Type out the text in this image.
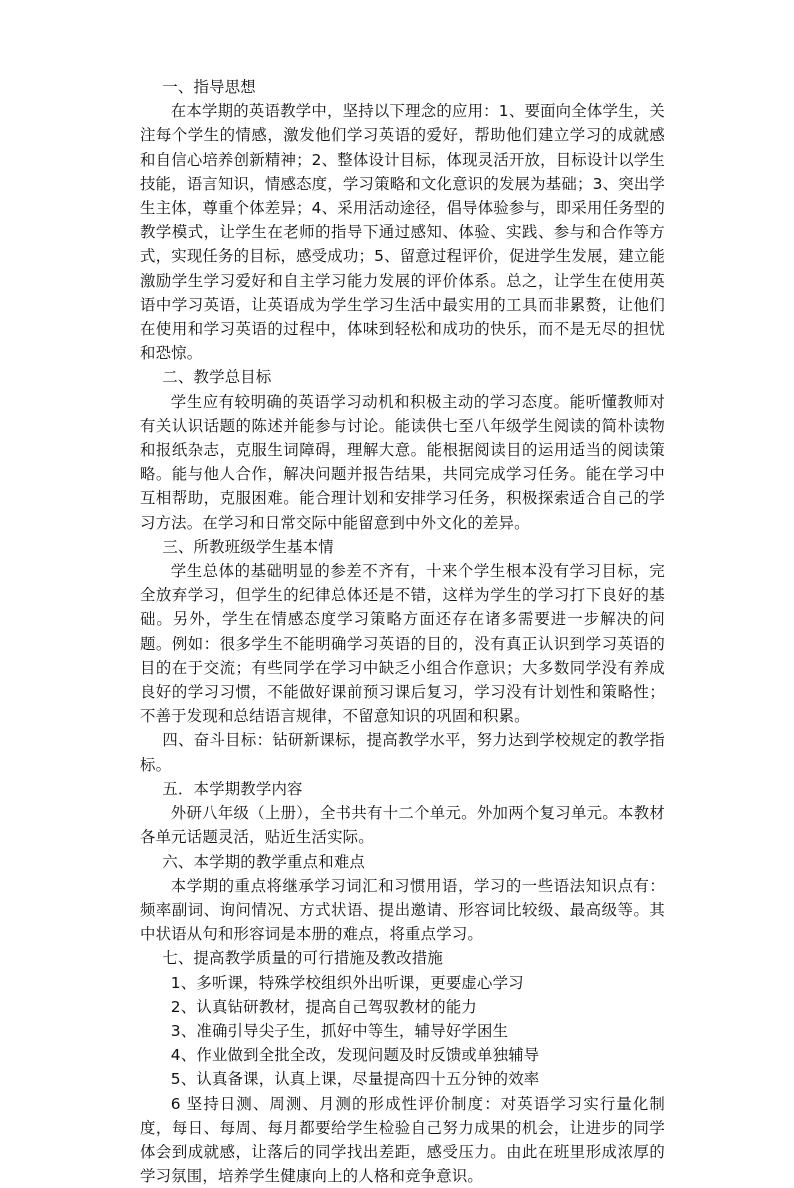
一、指导思想

在本学期的英语教学中，坚持以下理念的应用：1、要面向全体学生，关注每个学生的情感，激发他们学习英语的爱好，帮助他们建立学习的成就感和自信心培养创新精神；2、整体设计目标，体现灵活开放，目标设计以学生技能，语言知识，情感态度，学习策略和文化意识的发展为基础；3、突出学生主体，尊重个体差异；4、采用活动途径，倡导体验参与，即采用任务型的教学模式，让学生在老师的指导下通过感知、体验、实践、参与和合作等方式，实现任务的目标，感受成功；5、留意过程评价，促进学生发展，建立能激励学生学习爱好和自主学习能力发展的评价体系。总之，让学生在使用英语中学习英语，让英语成为学生学习生活中最实用的工具而非累赘，让他们在使用和学习英语的过程中，体味到轻松和成功的快乐，而不是无尽的担忧和恐惊。

二、教学总目标

学生应有较明确的英语学习动机和积极主动的学习态度。能听懂教师对有关认识话题的陈述并能参与讨论。能读供七至八年级学生阅读的简朴读物和报纸杂志，克服生词障碍，理解大意。能根据阅读目的运用适当的阅读策略。能与他人合作，解决问题并报告结果，共同完成学习任务。能在学习中互相帮助，克服困难。能合理计划和安排学习任务，积极探索适合自己的学习方法。在学习和日常交际中能留意到中外文化的差异。

三、所教班级学生基本情

学生总体的基础明显的参差不齐有，十来个学生根本没有学习目标，完全放弃学习，但学生的纪律总体还是不错，这样为学生的学习打下良好的基础。另外，学生在情感态度学习策略方面还存在诸多需要进一步解决的问题。例如：很多学生不能明确学习英语的目的，没有真正认识到学习英语的目的在于交流；有些同学在学习中缺乏小组合作意识；大多数同学没有养成良好的学习习惯，不能做好课前预习课后复习，学习没有计划性和策略性；不善于发现和总结语言规律，不留意知识的巩固和积累。

四、奋斗目标：钻研新课标，提高教学水平，努力达到学校规定的教学指标。

五．本学期教学内容

外研八年级（上册），全书共有十二个单元。外加两个复习单元。本教材各单元话题灵活，贴近生活实际。

六、本学期的教学重点和难点

本学期的重点将继承学习词汇和习惯用语，学习的一些语法知识点有：频率副词、询问情况、方式状语、提出邀请、形容词比较级、最高级等。其中状语从句和形容词是本册的难点，将重点学习。

七、提高教学质量的可行措施及教改措施

1、多听课，特殊学校组织外出听课，更要虚心学习

2、认真钻研教材，提高自己驾驭教材的能力

3、准确引导尖子生，抓好中等生，辅导好学困生

4、作业做到全批全改，发现问题及时反馈或单独辅导

5、认真备课，认真上课，尽量提高四十五分钟的效率

6 坚持日测、周测、月测的形成性评价制度：对英语学习实行量化制度，每日、每周、每月都要给学生检验自己努力成果的机会，让进步的同学体会到成就感，让落后的同学找出差距，感受压力。由此在班里形成浓厚的学习氛围，培养学生健康向上的人格和竞争意识。
